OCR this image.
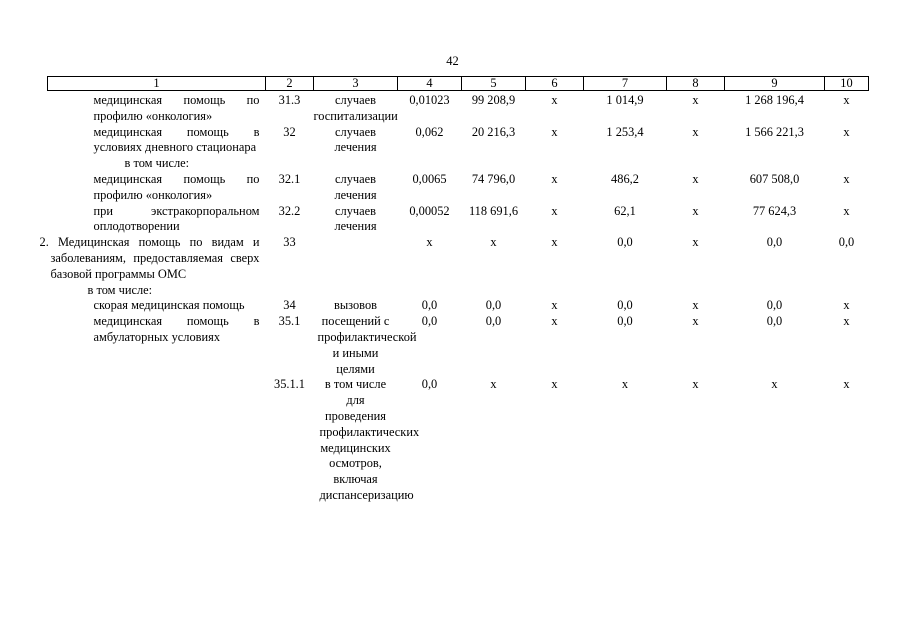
42
1	2	3	4	5	6	7	8	9	10
медицинская помощь по профилю «онкология»	31.3	случаев госпитализации	0,01023	99 208,9	х	1 014,9	х	1 268 196,4	х
медицинская помощь в условиях дневного стационара	32	случаев лечения	0,062	20 216,3	х	1 253,4	х	1 566 221,3	х
в том числе:									
медицинская помощь по профилю «онкология»	32.1	случаев лечения	0,0065	74 796,0	х	486,2	х	607 508,0	х
при экстракорпоральном оплодотворении	32.2	случаев лечения	0,00052	118 691,6	х	62,1	х	77 624,3	х
2. Медицинская помощь по видам и заболеваниям, предоставляемая сверх базовой программы ОМС	33		х	х	х	0,0	х	0,0	0,0
в том числе:									
скорая медицинская помощь	34	вызовов	0,0	0,0	х	0,0	х	0,0	х
медицинская помощь в амбулаторных условиях	35.1	посещений с профилактической и иными целями	0,0	0,0	х	0,0	х	0,0	х
	35.1.1	в том числе для проведения профилактических медицинских осмотров, включая диспансеризацию	0,0	х	х	х	х	х	х
